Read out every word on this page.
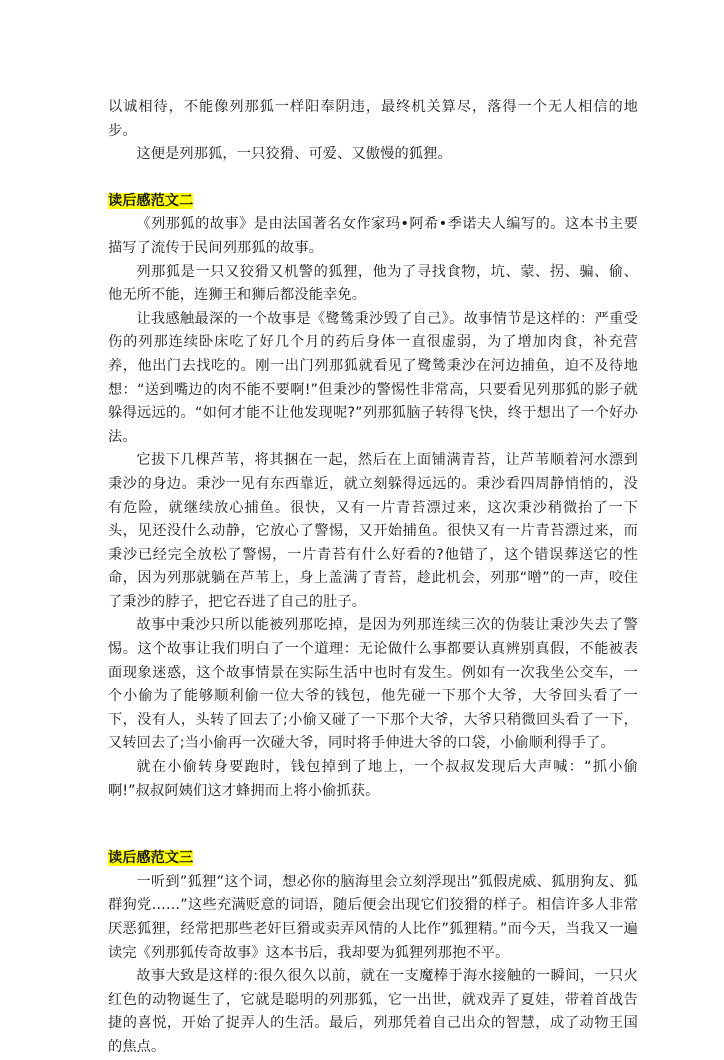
以诚相待，不能像列那狐一样阳奉阴违，最终机关算尽，落得一个无人相信的地步。

这便是列那狐，一只狡猾、可爱、又傲慢的狐狸。

读后感范文二

《列那狐的故事》是由法国著名女作家玛•阿希•季诺夫人编写的。这本书主要描写了流传于民间列那狐的故事。

列那狐是一只又狡猾又机警的狐狸，他为了寻找食物，坑、蒙、拐、骗、偷、他无所不能，连狮王和狮后都没能幸免。

让我感触最深的一个故事是《鹭鸶秉沙毁了自己》。故事情节是这样的：严重受伤的列那连续卧床吃了好几个月的药后身体一直很虚弱，为了增加肉食，补充营养，他出门去找吃的。刚一出门列那狐就看见了鹭鸶秉沙在河边捕鱼，迫不及待地想：“送到嘴边的肉不能不要啊!”但秉沙的警惕性非常高，只要看见列那狐的影子就躲得远远的。“如何才能不让他发现呢?”列那狐脑子转得飞快，终于想出了一个好办法。

它拔下几棵芦苇，将其捆在一起，然后在上面铺满青苔，让芦苇顺着河水漂到秉沙的身边。秉沙一见有东西靠近，就立刻躲得远远的。秉沙看四周静悄悄的，没有危险，就继续放心捕鱼。很快，又有一片青苔漂过来，这次秉沙稍微抬了一下头，见还没什么动静，它放心了警惕，又开始捕鱼。很快又有一片青苔漂过来，而秉沙已经完全放松了警惕，一片青苔有什么好看的?他错了，这个错误葬送它的性命，因为列那就躺在芦苇上，身上盖满了青苔，趁此机会，列那“噌”的一声，咬住了秉沙的脖子，把它吞进了自己的肚子。

故事中秉沙只所以能被列那吃掉，是因为列那连续三次的伪装让秉沙失去了警惕。这个故事让我们明白了一个道理：无论做什么事都要认真辨别真假，不能被表面现象迷惑，这个故事情景在实际生活中也时有发生。例如有一次我坐公交车，一个小偷为了能够顺利偷一位大爷的钱包，他先碰一下那个大爷，大爷回头看了一下，没有人，头转了回去了;小偷又碰了一下那个大爷，大爷只稍微回头看了一下，又转回去了;当小偷再一次碰大爷，同时将手伸进大爷的口袋，小偷顺利得手了。

就在小偷转身要跑时，钱包掉到了地上，一个叔叔发现后大声喊：“抓小偷啊!”叔叔阿姨们这才蜂拥而上将小偷抓获。

读后感范文三

一听到”狐狸”这个词，想必你的脑海里会立刻浮现出”狐假虎威、狐朋狗友、狐群狗党……”这些充满贬意的词语，随后便会出现它们狡猾的样子。相信许多人非常厌恶狐狸，经常把那些老奸巨猾或卖弄风情的人比作”狐狸精。”而今天，当我又一遍读完《列那狐传奇故事》这本书后，我却要为狐狸列那抱不平。

故事大致是这样的:很久很久以前，就在一支魔棒于海水接触的一瞬间，一只火红色的动物诞生了，它就是聪明的列那狐，它一出世，就戏弄了夏娃，带着首战告捷的喜悦，开始了捉弄人的生活。最后，列那凭着自己出众的智慧，成了动物王国的焦点。
